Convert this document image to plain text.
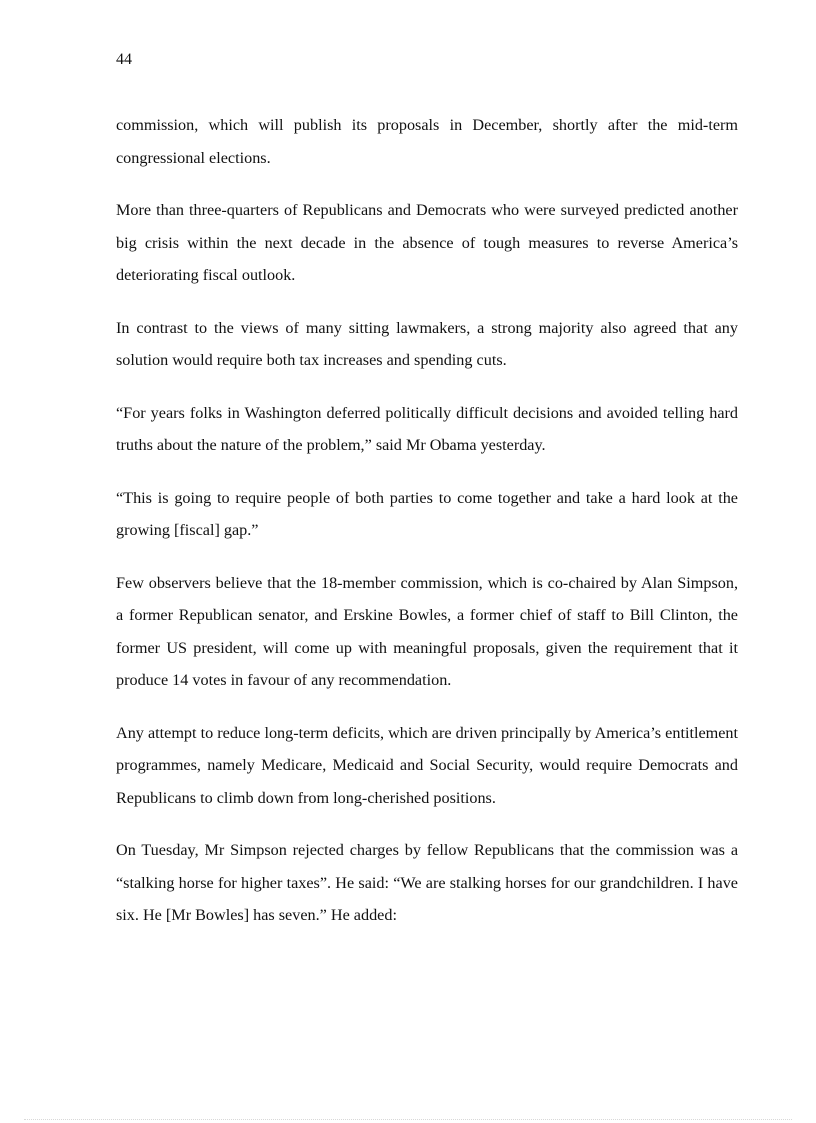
44

commission, which will publish its proposals in December, shortly after the mid-term congressional elections.

More than three-quarters of Republicans and Democrats who were surveyed predicted another big crisis within the next decade in the absence of tough measures to reverse America’s deteriorating fiscal outlook.

In contrast to the views of many sitting lawmakers, a strong majority also agreed that any solution would require both tax increases and spending cuts.

“For years folks in Washington deferred politically difficult decisions and avoided telling hard truths about the nature of the problem,” said Mr Obama yesterday.

“This is going to require people of both parties to come together and take a hard look at the growing [fiscal] gap.”

Few observers believe that the 18-member commission, which is co-chaired by Alan Simpson, a former Republican senator, and Erskine Bowles, a former chief of staff to Bill Clinton, the former US president, will come up with meaningful proposals, given the requirement that it produce 14 votes in favour of any recommendation.

Any attempt to reduce long-term deficits, which are driven principally by America’s entitlement programmes, namely Medicare, Medicaid and Social Security, would require Democrats and Republicans to climb down from long-cherished positions.

On Tuesday, Mr Simpson rejected charges by fellow Republicans that the commission was a “stalking horse for higher taxes”. He said: “We are stalking horses for our grandchildren. I have six. He [Mr Bowles] has seven.” He added:
